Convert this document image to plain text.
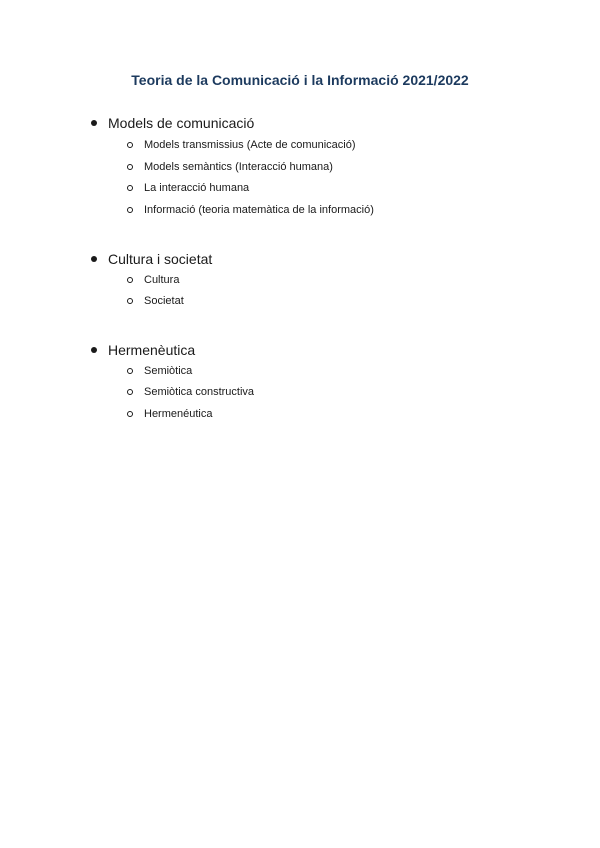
Teoria de la Comunicació i la Informació 2021/2022
Models de comunicació
Models transmissius (Acte de comunicació)
Models semàntics (Interacció humana)
La interacció humana
Informació (teoria matemàtica de la informació)
Cultura i societat
Cultura
Societat
Hermenèutica
Semiòtica
Semiòtica constructiva
Hermenéutica
